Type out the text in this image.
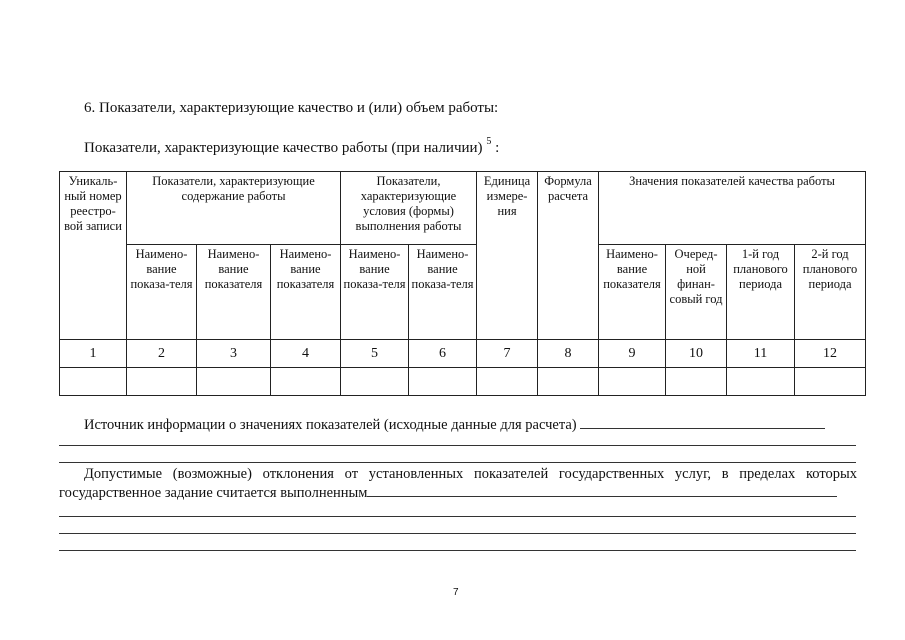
6. Показатели, характеризующие качество и (или) объем работы:
Показатели, характеризующие качество работы (при наличии) $^5$ :
Уникаль-ный номер реестро-вой записи	Показатели, характеризующие содержание работы			Показатели, характеризующие условия (формы) выполнения работы		Единица измере-ния	Формула расчета	Значения показателей качества работы			
	Наимено-вание показа-теля	Наимено-вание показателя	Наимено-вание показателя	Наимено-вание показа-теля	Наимено-вание показа-теля			Наимено-вание показателя	Очеред-ной финан-совый год	1-й год планового периода	2-й год планового периода
1	2	3	4	5	6	7	8	9	10	11	12

Источник информации о значениях показателей (исходные данные для расчета)
Допустимые (возможные) отклонения от установленных показателей государственных услуг, в пределах которых государственное задание считается выполненным
7
